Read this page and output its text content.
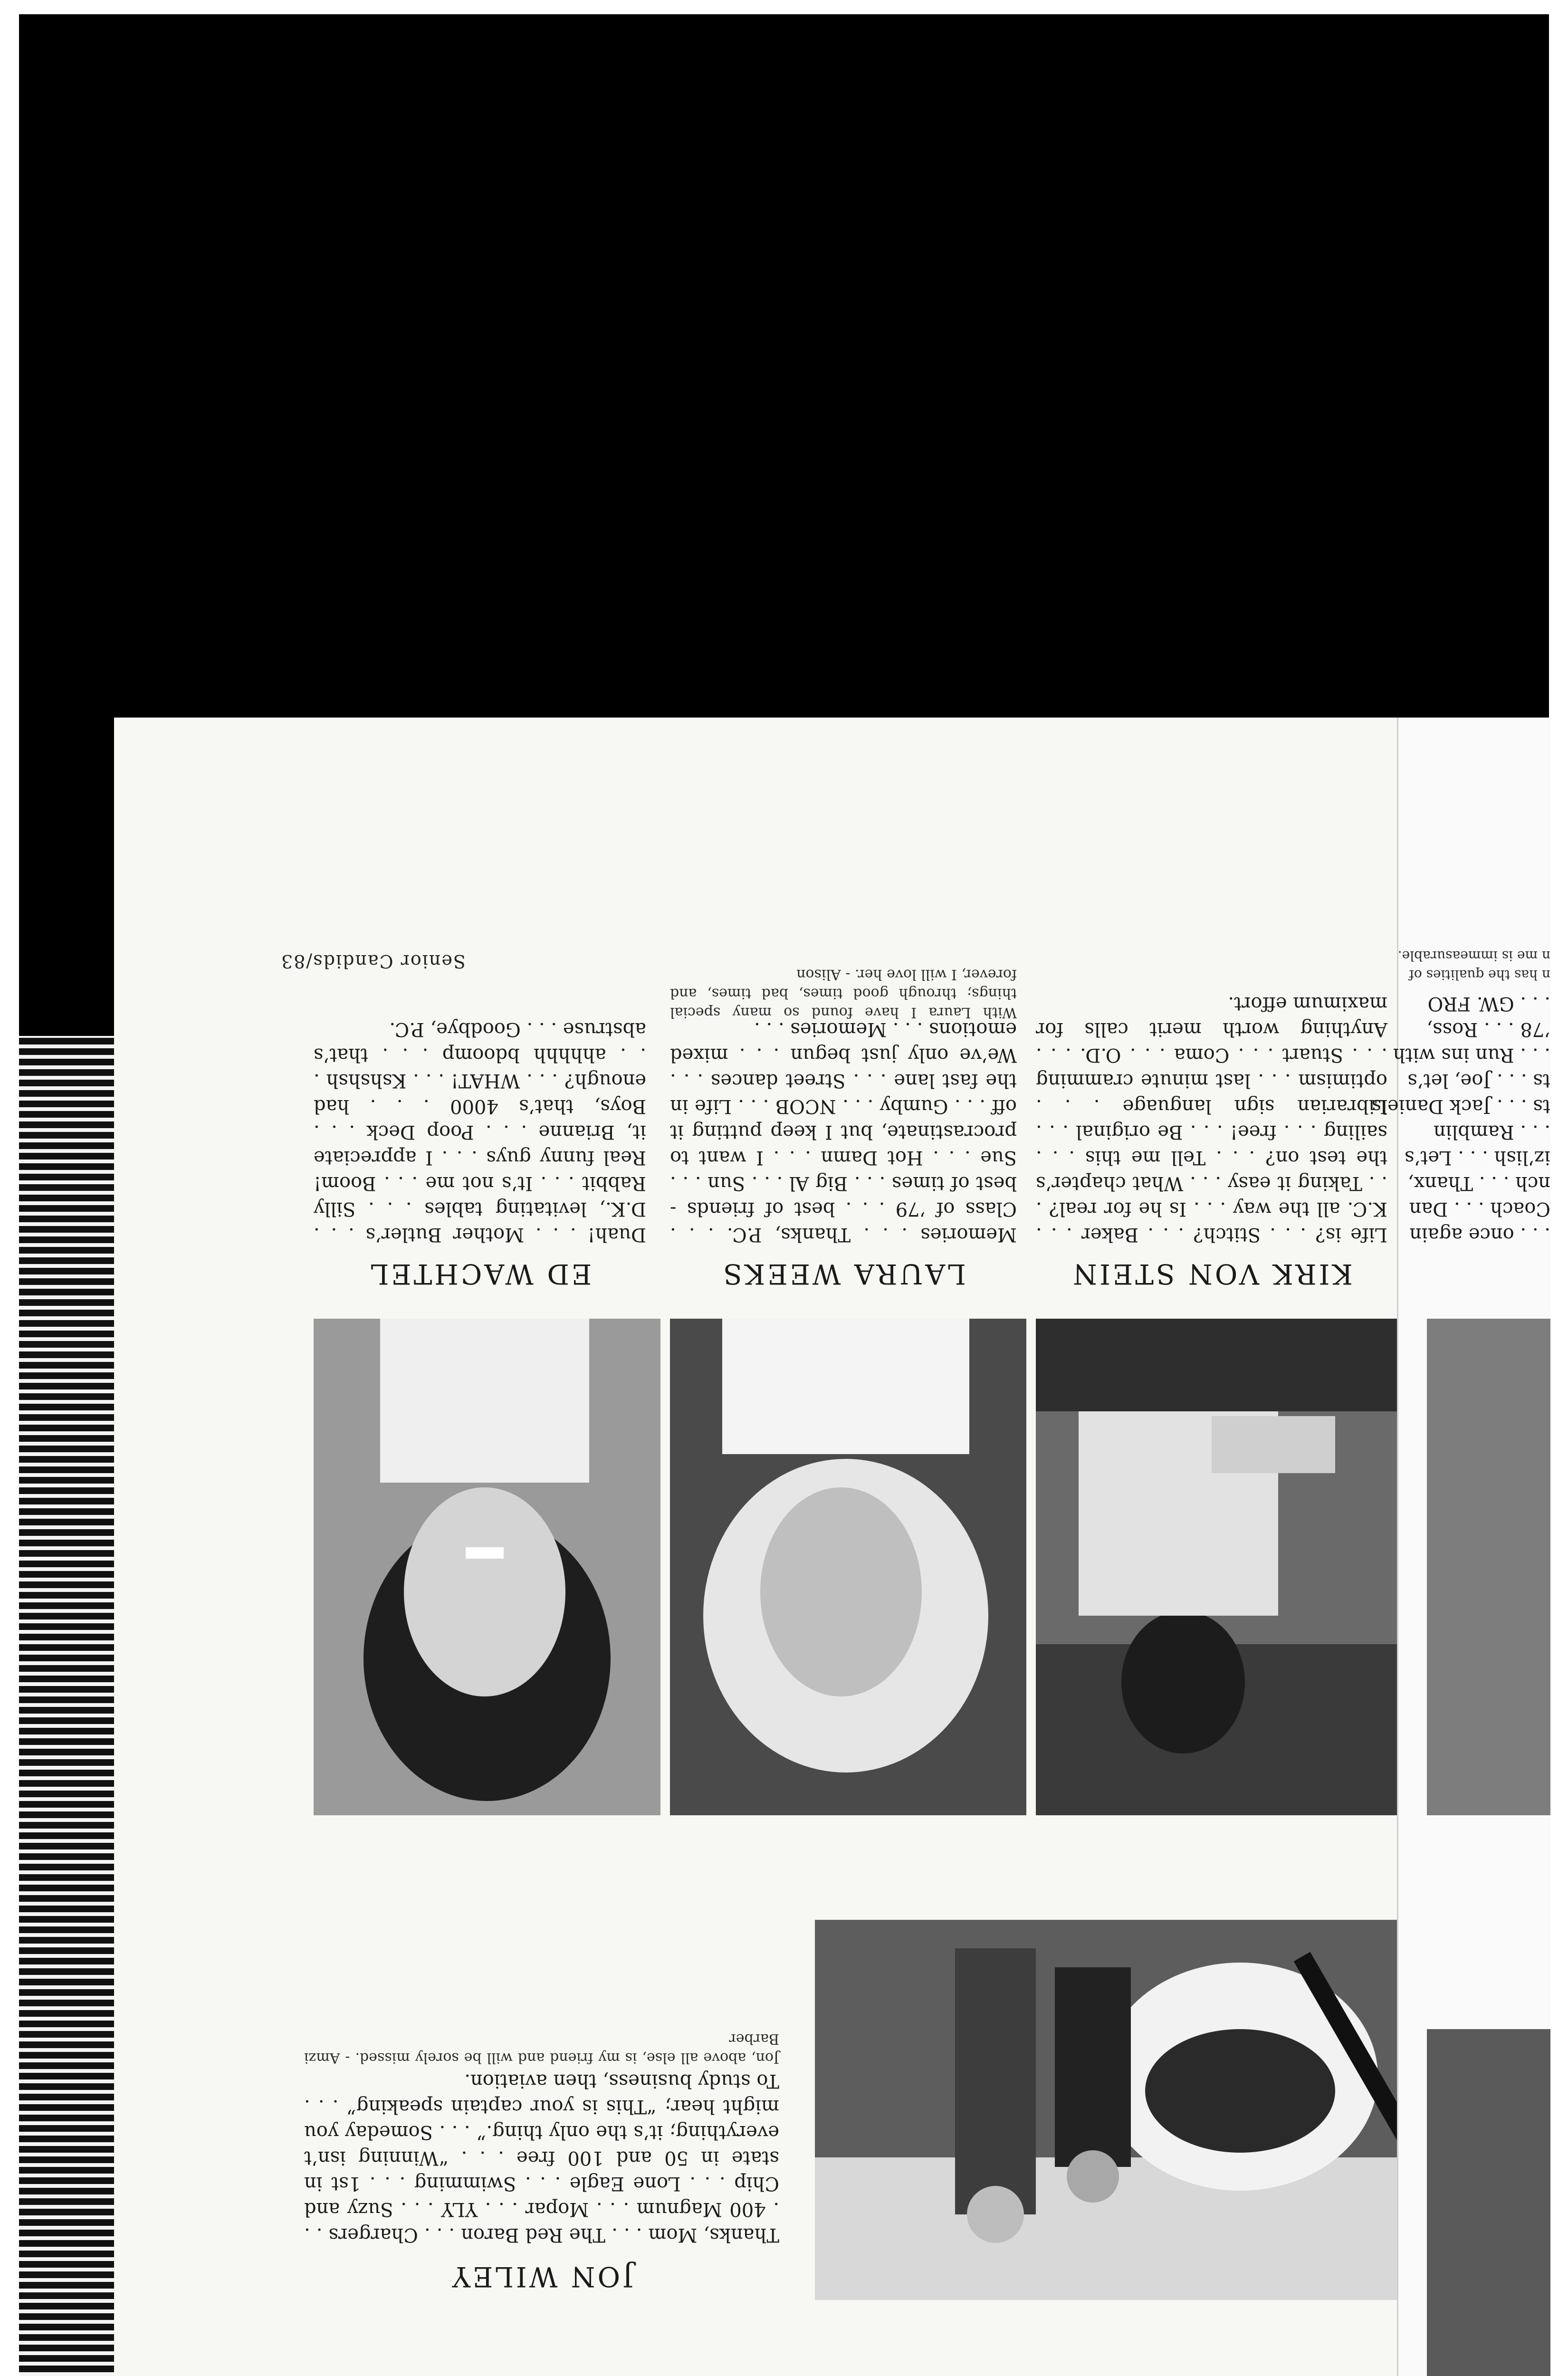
JON WILEY
Thanks, Mom . . . The Red Baron . . . Chargers . . . 400 Magnum . . . Mopar . . . YLY . . . Suzy and Chip . . . Lone Eagle . . . Swimming . . . 1st in state in 50 and 100 free . . . “Winning isn’t everything; it’s the only thing.” . . . Someday you might hear; “This is your captain speaking” . . . To study business, then aviation.
Jon, above all else, is my friend and will be sorely missed. - Amzi Barber
ED WACHTEL
Duah! . . . Mother Butler’s . . . D.K., levitating tables . . . Silly Rabbit . . . It’s not me . . . Boom! Real funny guys . . . I appreciate it, Brianne . . . Poop Deck . . . Boys, that’s 4000 . . . had enough? . . . WHAT! . . . Kshshsh . . . ahhhhh bdoomp . . . that’s abstruse . . . Goodbye, P.C.
LAURA WEEKS
Memories . . . Thanks, P.C. . . . Class of ’79 . . . best of friends - best of times . . . Big Al . . . Sun . . . Sue . . . Hot Damn . . . I want to procrastinate, but I keep putting it off . . . Gumby . . . NCOB . . . Life in the fast lane . . . Street dances . . . We’ve only just begun . . . mixed emotions . . . Memories . . .
With Laura I have found so many special things; through good times, bad times, and forever, I will love her. - Alison
KIRK VON STEIN
Life is? . . . Stitch? . . . Baker . . . K.C. all the way . . . Is he for real? . . . Taking it easy . . . What chapter’s the test on? . . . Tell me this . . . sailing . . . free! . . . Be original . . . Librarian sign language . . . optimism . . . last minute cramming . . . Stuart . . . Coma . . . O.D. . . . Anything worth merit calls for maximum effort.
Senior Candids/83
. . . once again
Coach . . . Dan
nch . . . Thanx,
iz’lish . . . Let’s
. . . Ramblin
ts . . . Jack Daniels
ts . . . Joe, let’s
. . . Run ins with
’78 . . . Ross,
. . . GW. FRO
n has the qualities of
n me is immeasurable.
